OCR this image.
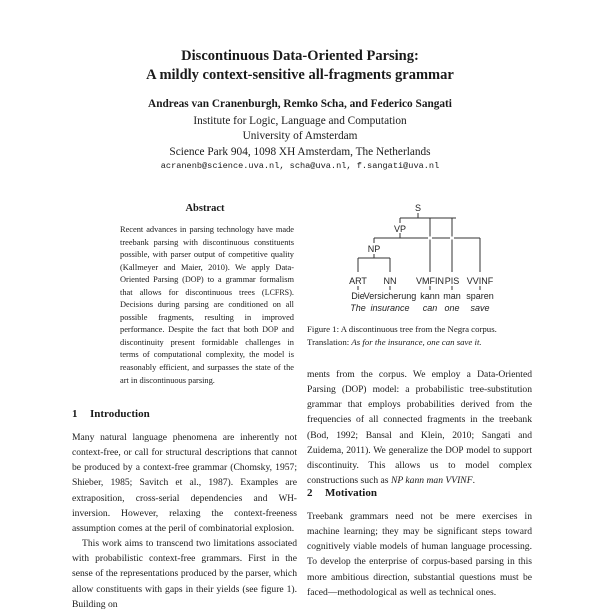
Discontinuous Data-Oriented Parsing:
A mildly context-sensitive all-fragments grammar
Andreas van Cranenburgh, Remko Scha, and Federico Sangati
Institute for Logic, Language and Computation
University of Amsterdam
Science Park 904, 1098 XH Amsterdam, The Netherlands
acranenb@science.uva.nl, scha@uva.nl, f.sangati@uva.nl
Abstract
Recent advances in parsing technology have made treebank parsing with discontinuous constituents possible, with parser output of competitive quality (Kallmeyer and Maier, 2010). We apply Data-Oriented Parsing (DOP) to a grammar formalism that allows for discontinuous trees (LCFRS). Decisions during parsing are conditioned on all possible fragments, resulting in improved performance. Despite the fact that both DOP and discontinuity present formidable challenges in terms of computational complexity, the model is reasonably efficient, and surpasses the state of the art in discontinuous parsing.
S
VP
NP
ART NN VMFIN PIS VVINF
Die
Versicherung kann man sparen
The insurance can one save
Figure 1: A discontinuous tree from the Negra corpus.
Translation: As for the insurance, one can save it.
1 Introduction

Many natural language phenomena are inherently not context-free, or call for structural descriptions that cannot be produced by a context-free grammar (Chomsky, 1957; Shieber, 1985; Savitch et al., 1987). Examples are extraposition, cross-serial dependencies and WH-inversion. However, relaxing the context-freeness assumption comes at the peril of combinatorial explosion.

This work aims to transcend two limitations associated with probabilistic context-free grammars. First in the sense of the representations produced by the parser, which allow constituents with gaps in their yields (see figure 1). Building on

ments from the corpus. We employ a Data-Oriented Parsing (DOP) model: a probabilistic tree-substitution grammar that employs probabilities derived from the frequencies of all connected fragments in the treebank (Bod, 1992; Bansal and Klein, 2010; Sangati and Zuidema, 2011). We generalize the DOP model to support discontinuity. This allows us to model complex constructions such as NP kann man VVINF.

2 Motivation

Treebank grammars need not be mere exercises in machine learning; they may be significant steps toward cognitively viable models of human language processing. To develop the enterprise of corpus-based parsing in this more ambitious direction, substantial questions must be faced—methodological as well as technical ones.
